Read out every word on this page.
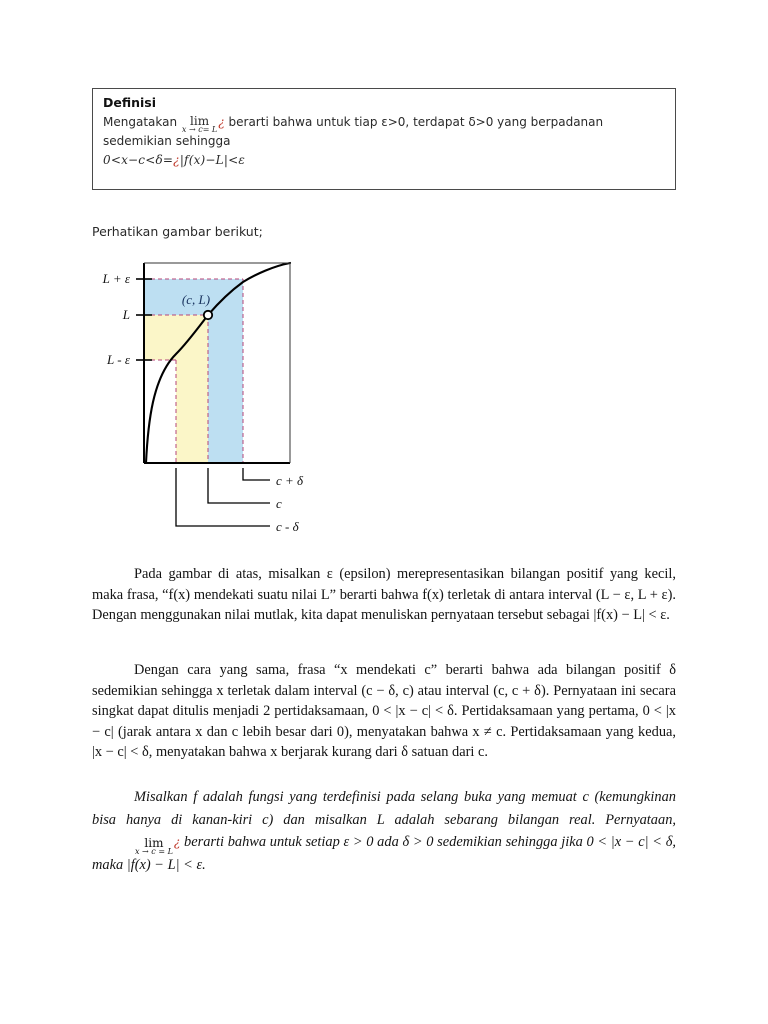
Definisi
Mengatakan	lim
x → c= L
¿ berarti bahwa untuk tiap ε>0, terdapat δ>0 yang berpadanan
sedemikian sehingga
0<x−c<δ=¿|f(x)−L|<ε
Perhatikan gambar berikut;
L + ε
L
L - ε
(c, L)
c + δ
c
c - δ

Pada gambar di atas, misalkan ε (epsilon) merepresentasikan bilangan positif yang kecil, maka frasa, “f(x) mendekati suatu nilai L” berarti bahwa f(x) terletak di antara interval (L − ε, L + ε). Dengan menggunakan nilai mutlak, kita dapat menuliskan pernyataan tersebut sebagai |f(x) − L| < ε.

Dengan cara yang sama, frasa “x mendekati c” berarti bahwa ada bilangan positif δ sedemikian sehingga x terletak dalam interval (c − δ, c) atau interval (c, c + δ). Pernyataan ini secara singkat dapat ditulis menjadi 2 pertidaksamaan, 0 < |x − c| < δ. Pertidaksamaan yang pertama, 0 < |x − c| (jarak antara x dan c lebih besar dari 0), menyatakan bahwa x ≠ c. Pertidaksamaan yang kedua, |x − c| < δ, menyatakan bahwa x berjarak kurang dari δ satuan dari c.

Misalkan f adalah fungsi yang terdefinisi pada selang buka yang memuat c (kemungkinan bisa hanya di kanan-kiri c) dan misalkan L adalah sebarang bilangan real. Pernyataan,
lim
x → c = L
¿ berarti bahwa untuk setiap ε > 0 ada δ > 0 sedemikian sehingga jika 0 < |x − c| < δ, maka |f(x) − L| < ε.
